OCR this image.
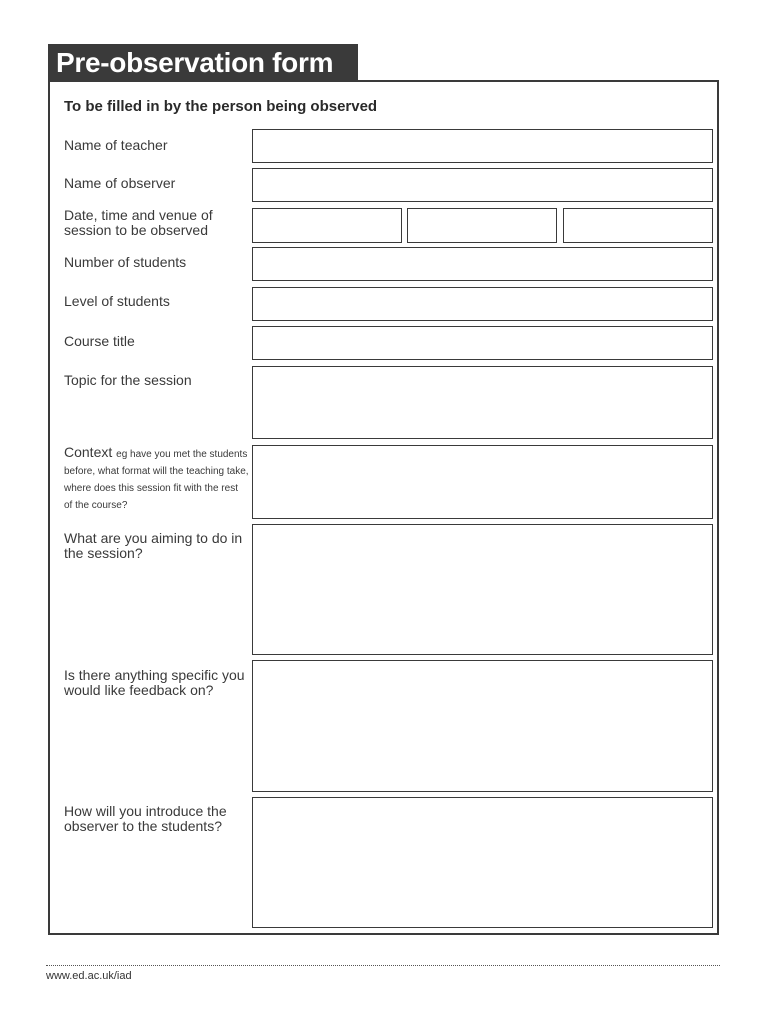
Pre-observation form
To be filled in by the person being observed
Name of teacher
Name of observer
Date, time and venue of session to be observed
Number of students
Level of students
Course title
Topic for the session
Context eg have you met the students before, what format will the teaching take, where does this session fit with the rest of the course?
What are you aiming to do in the session?
Is there anything specific you would like feedback on?
How will you introduce the observer to the students?
www.ed.ac.uk/iad
